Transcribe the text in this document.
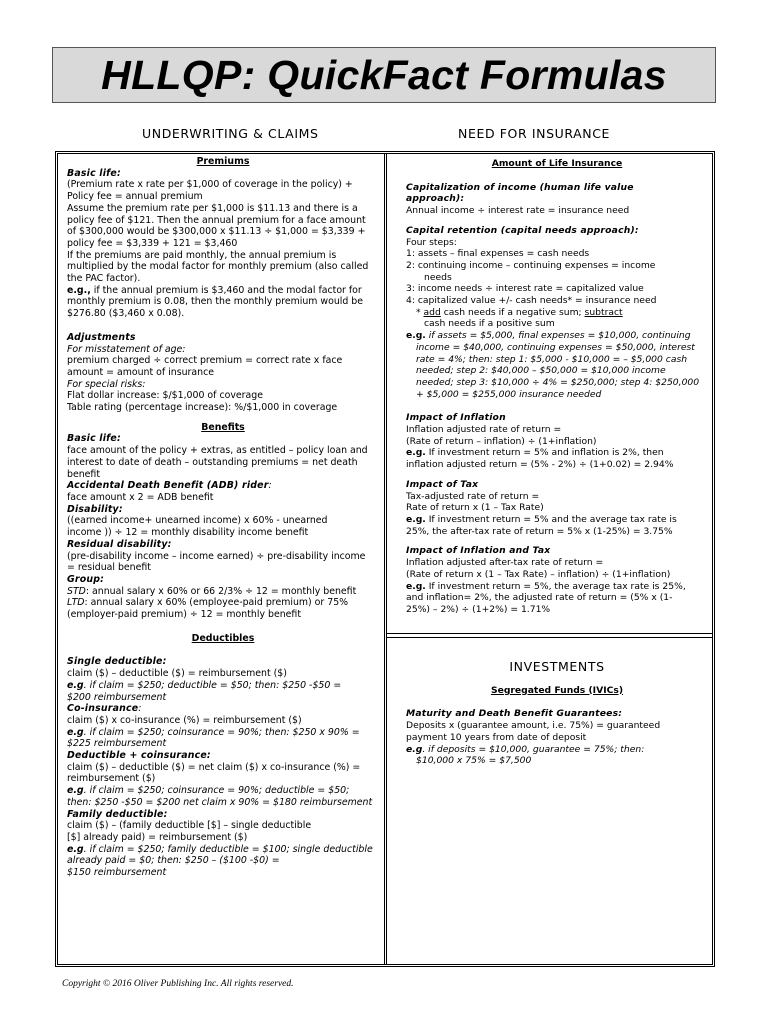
HLLQP: QuickFact Formulas
UNDERWRITING & CLAIMS	NEED FOR INSURANCE

Premiums

Basic life:

(Premium rate x rate per $1,000 of coverage in the policy) +

Policy fee = annual premium

Assume the premium rate per $1,000 is $11.13 and there is a

policy fee of $121. Then the annual premium for a face amount

of $300,000 would be $300,000 x $11.13 ÷ $1,000 = $3,339 +

policy fee = $3,339 + 121 = $3,460

If the premiums are paid monthly, the annual premium is

multiplied by the modal factor for monthly premium (also called

the PAC factor).

e.g., if the annual premium is $3,460 and the modal factor for

monthly premium is 0.08, then the monthly premium would be

$276.80 ($3,460 x 0.08).

Adjustments

For misstatement of age:

premium charged ÷ correct premium = correct rate x face

amount = amount of insurance

For special risks:

Flat dollar increase: $/$1,000 of coverage

Table rating (percentage increase): %/$1,000 in coverage

Benefits

Basic life:

face amount of the policy + extras, as entitled – policy loan and

interest to date of death – outstanding premiums = net death

benefit

Accidental Death Benefit (ADB) rider:

face amount x 2 = ADB benefit

Disability:

((earned income+ unearned income) x 60% - unearned

income )) ÷ 12 = monthly disability income benefit

Residual disability:

(pre-disability income – income earned) ÷ pre-disability income

= residual benefit

Group:

STD: annual salary x 60% or 66 2/3% ÷ 12 = monthly benefit

LTD: annual salary x 60% (employee-paid premium) or 75%

(employer-paid premium) ÷ 12 = monthly benefit

Deductibles

Single deductible:

claim ($) – deductible ($) = reimbursement ($)

e.g. if claim = $250; deductible = $50; then: $250 -$50 =

$200 reimbursement

Co-insurance:

claim ($) x co-insurance (%) = reimbursement ($)

e.g. if claim = $250; coinsurance = 90%; then: $250 x 90% =

$225 reimbursement

Deductible + coinsurance:

claim ($) – deductible ($) = net claim ($) x co-insurance (%) =

reimbursement ($)

e.g. if claim = $250; coinsurance = 90%; deductible = $50;

then: $250 -$50 = $200 net claim x 90% = $180 reimbursement

Family deductible:

claim ($) – (family deductible [$] – single deductible

[$] already paid) = reimbursement ($)

e.g. if claim = $250; family deductible = $100; single deductible

already paid = $0; then: $250 – ($100 -$0) =

$150 reimbursement

Amount of Life Insurance

Capitalization of income (human life value

approach):

Annual income ÷ interest rate = insurance need

Capital retention (capital needs approach):

Four steps:

1: assets – final expenses = cash needs

2: continuing income – continuing expenses = income

needs

3: income needs ÷ interest rate = capitalized value

4: capitalized value +/- cash needs* = insurance need

* add cash needs if a negative sum; subtract

cash needs if a positive sum

e.g. if assets = $5,000, final expenses = $10,000, continuing

income = $40,000, continuing expenses = $50,000, interest

rate = 4%; then: step 1: $5,000 - $10,000 = – $5,000 cash

needed; step 2: $40,000 – $50,000 = $10,000 income

needed; step 3: $10,000 ÷ 4% = $250,000; step 4: $250,000

+ $5,000 = $255,000 insurance needed

Impact of Inflation

Inflation adjusted rate of return =

(Rate of return – inflation) ÷ (1+inflation)

e.g. If investment return = 5% and inflation is 2%, then

inflation adjusted return = (5% - 2%) ÷ (1+0.02) = 2.94%

Impact of Tax

Tax-adjusted rate of return =

Rate of return x (1 – Tax Rate)

e.g. If investment return = 5% and the average tax rate is

25%, the after-tax rate of return = 5% x (1-25%) = 3.75%

Impact of Inflation and Tax

Inflation adjusted after-tax rate of return =

(Rate of return x (1 – Tax Rate) – inflation) ÷ (1+inflation)

e.g. If investment return = 5%, the average tax rate is 25%,

and inflation= 2%, the adjusted rate of return = (5% x (1-

25%) – 2%) ÷ (1+2%) = 1.71%

INVESTMENTS

Segregated Funds (IVICs)

Maturity and Death Benefit Guarantees:

Deposits x (guarantee amount, i.e. 75%) = guaranteed

payment 10 years from date of deposit

e.g. if deposits = $10,000, guarantee = 75%; then:

$10,000 x 75% = $7,500

Copyright © 2016 Oliver Publishing Inc. All rights reserved.
